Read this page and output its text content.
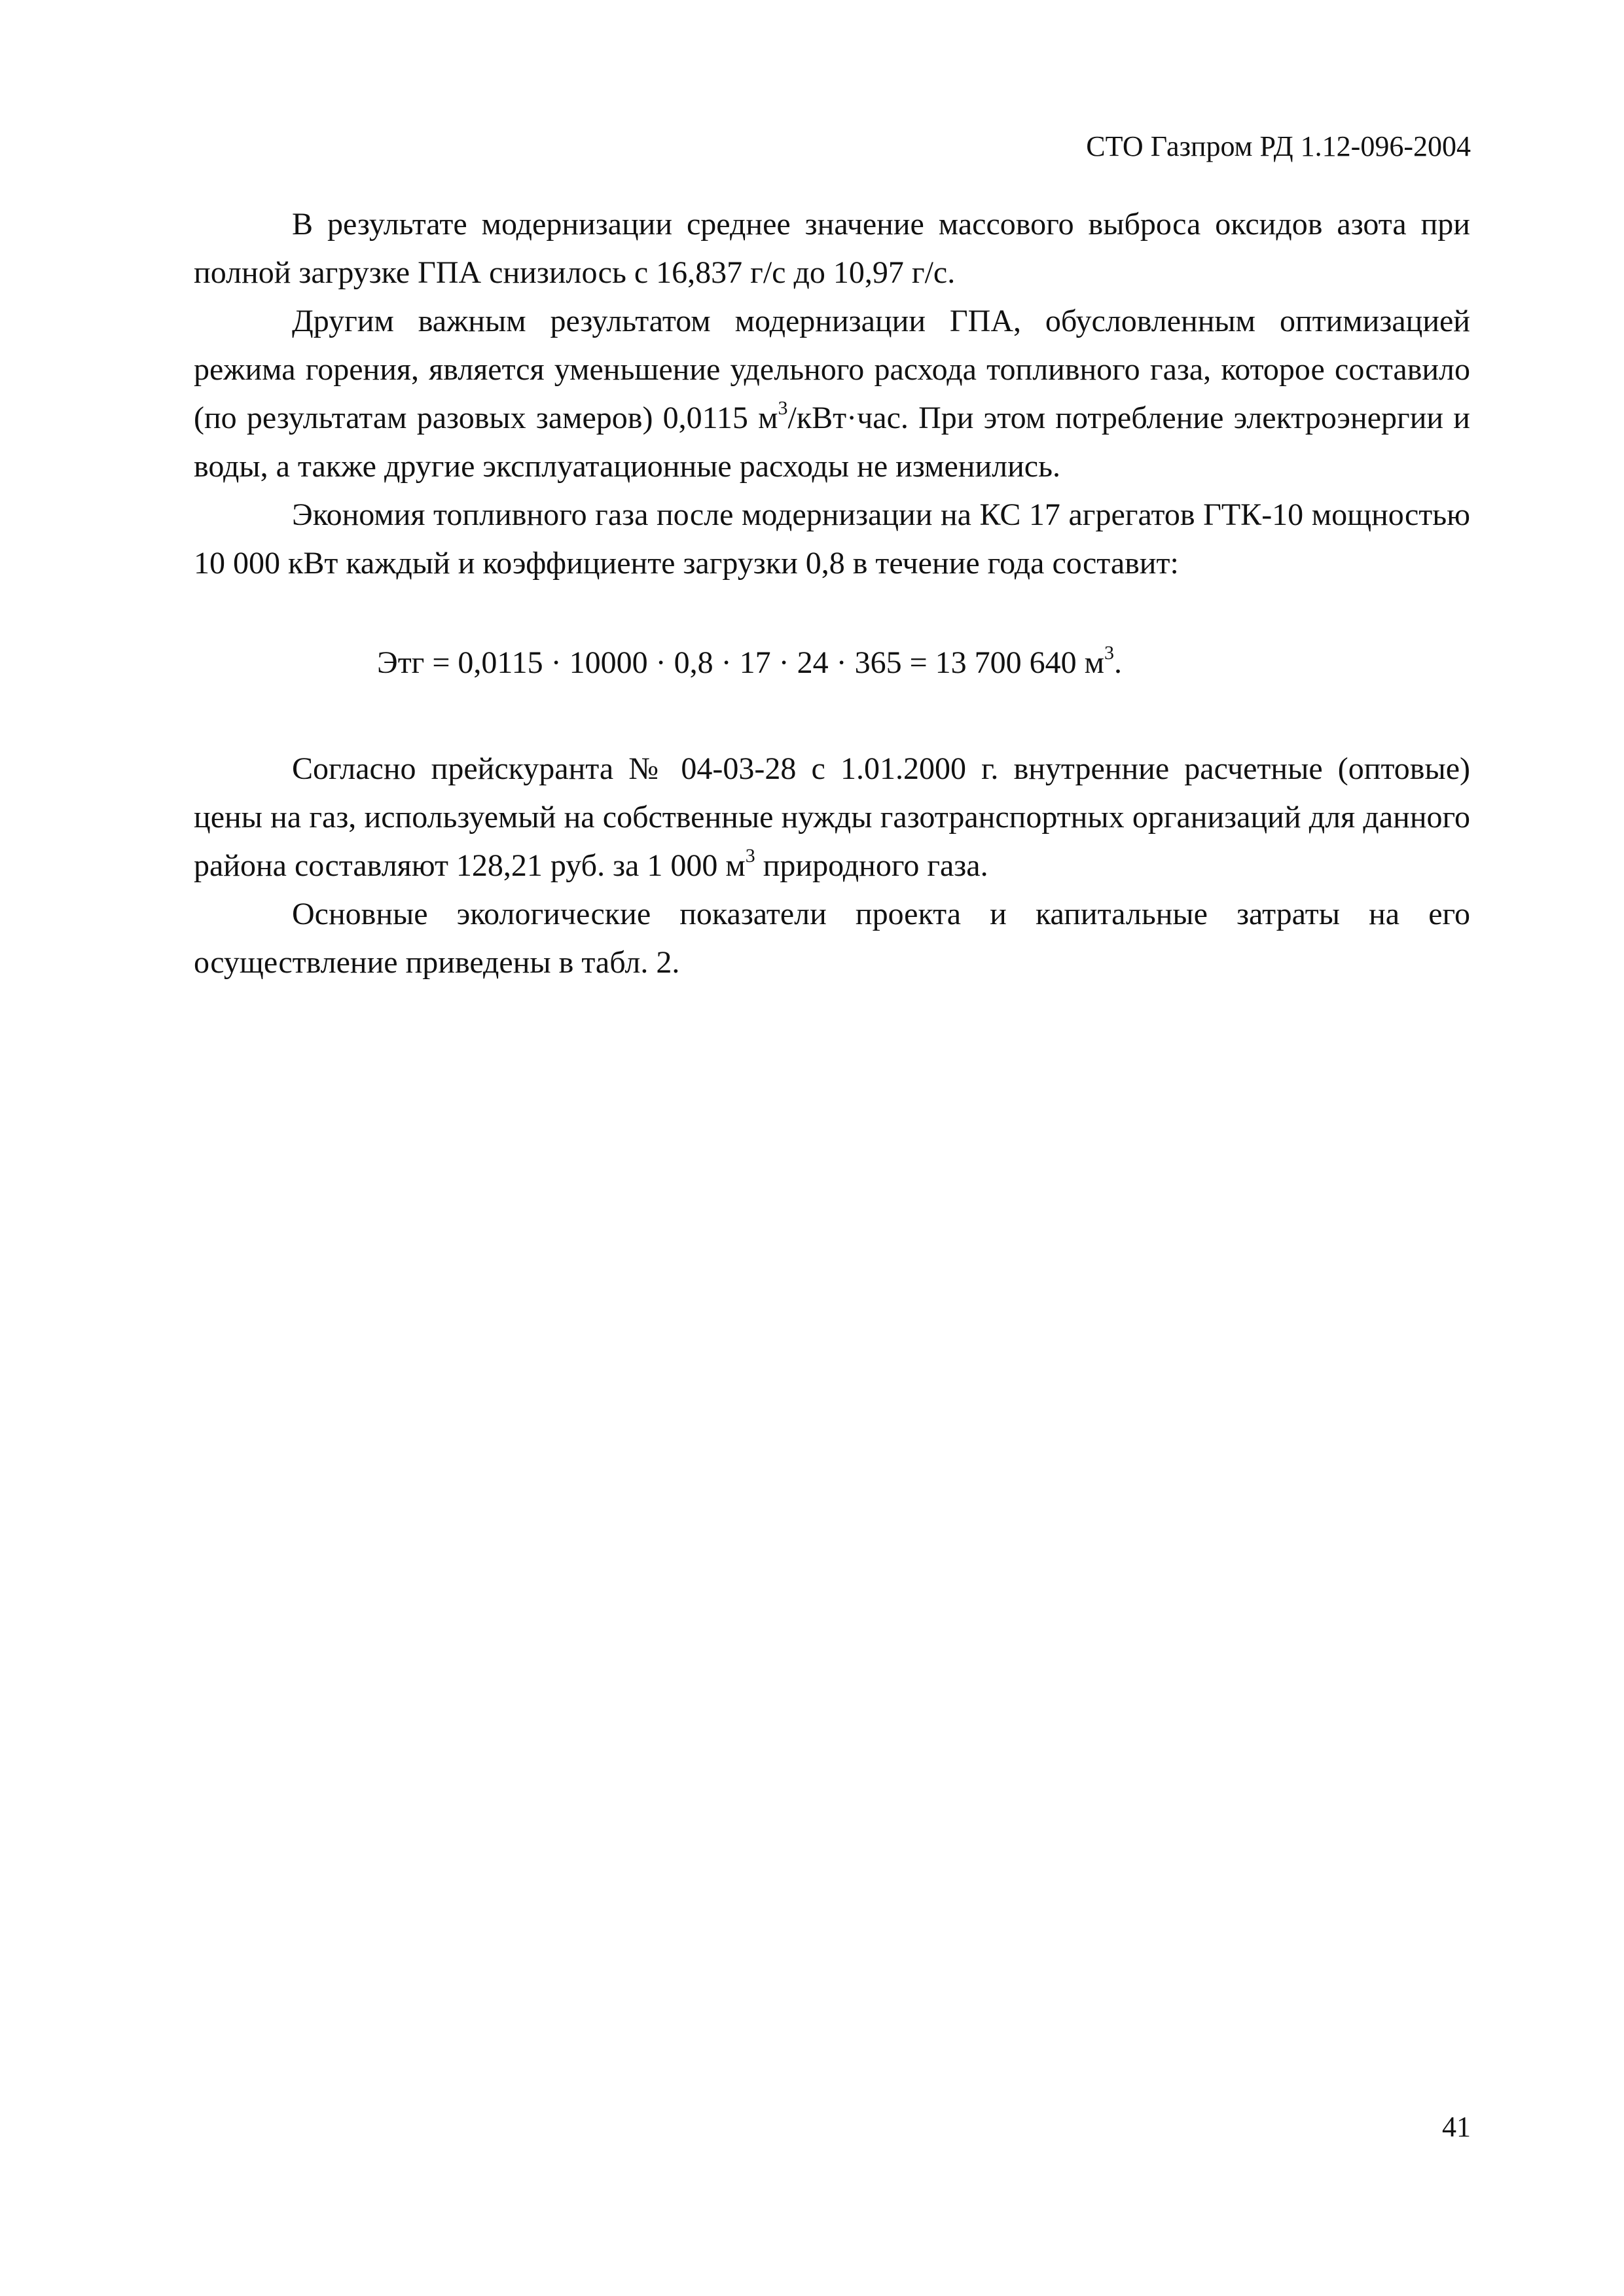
СТО Газпром РД 1.12-096-2004

В результате модернизации среднее значение массового выброса оксидов азота при полной загрузке ГПА снизилось с 16,837 г/с до 10,97 г/с.

Другим важным результатом модернизации ГПА, обусловленным оптимизацией режима горения, является уменьшение удельного расхода топливного газа, которое составило (по результатам разовых замеров) 0,0115 $м^3/кВт\cdot час$. При этом потребление электроэнергии и воды, а также другие эксплуатационные расходы не изменились.

Экономия топливного газа после модернизации на КС 17 агрегатов ГТК-10 мощностью 10 000 кВт каждый и коэффициенте загрузки 0,8 в течение года составит:

Этг = 0,0115 · 10000 · 0,8 · 17 · 24 · 365 = 13 700 640 $м^3$.

Согласно прейскуранта № 04-03-28 с 1.01.2000 г. внутренние расчетные (оптовые) цены на газ, используемый на собственные нужды газотранспортных организаций для данного района составляют 128,21 руб. за 1 000 $м^3$ природного газа.

Основные экологические показатели проекта и капитальные затраты на его осуществление приведены в табл. 2.

41
